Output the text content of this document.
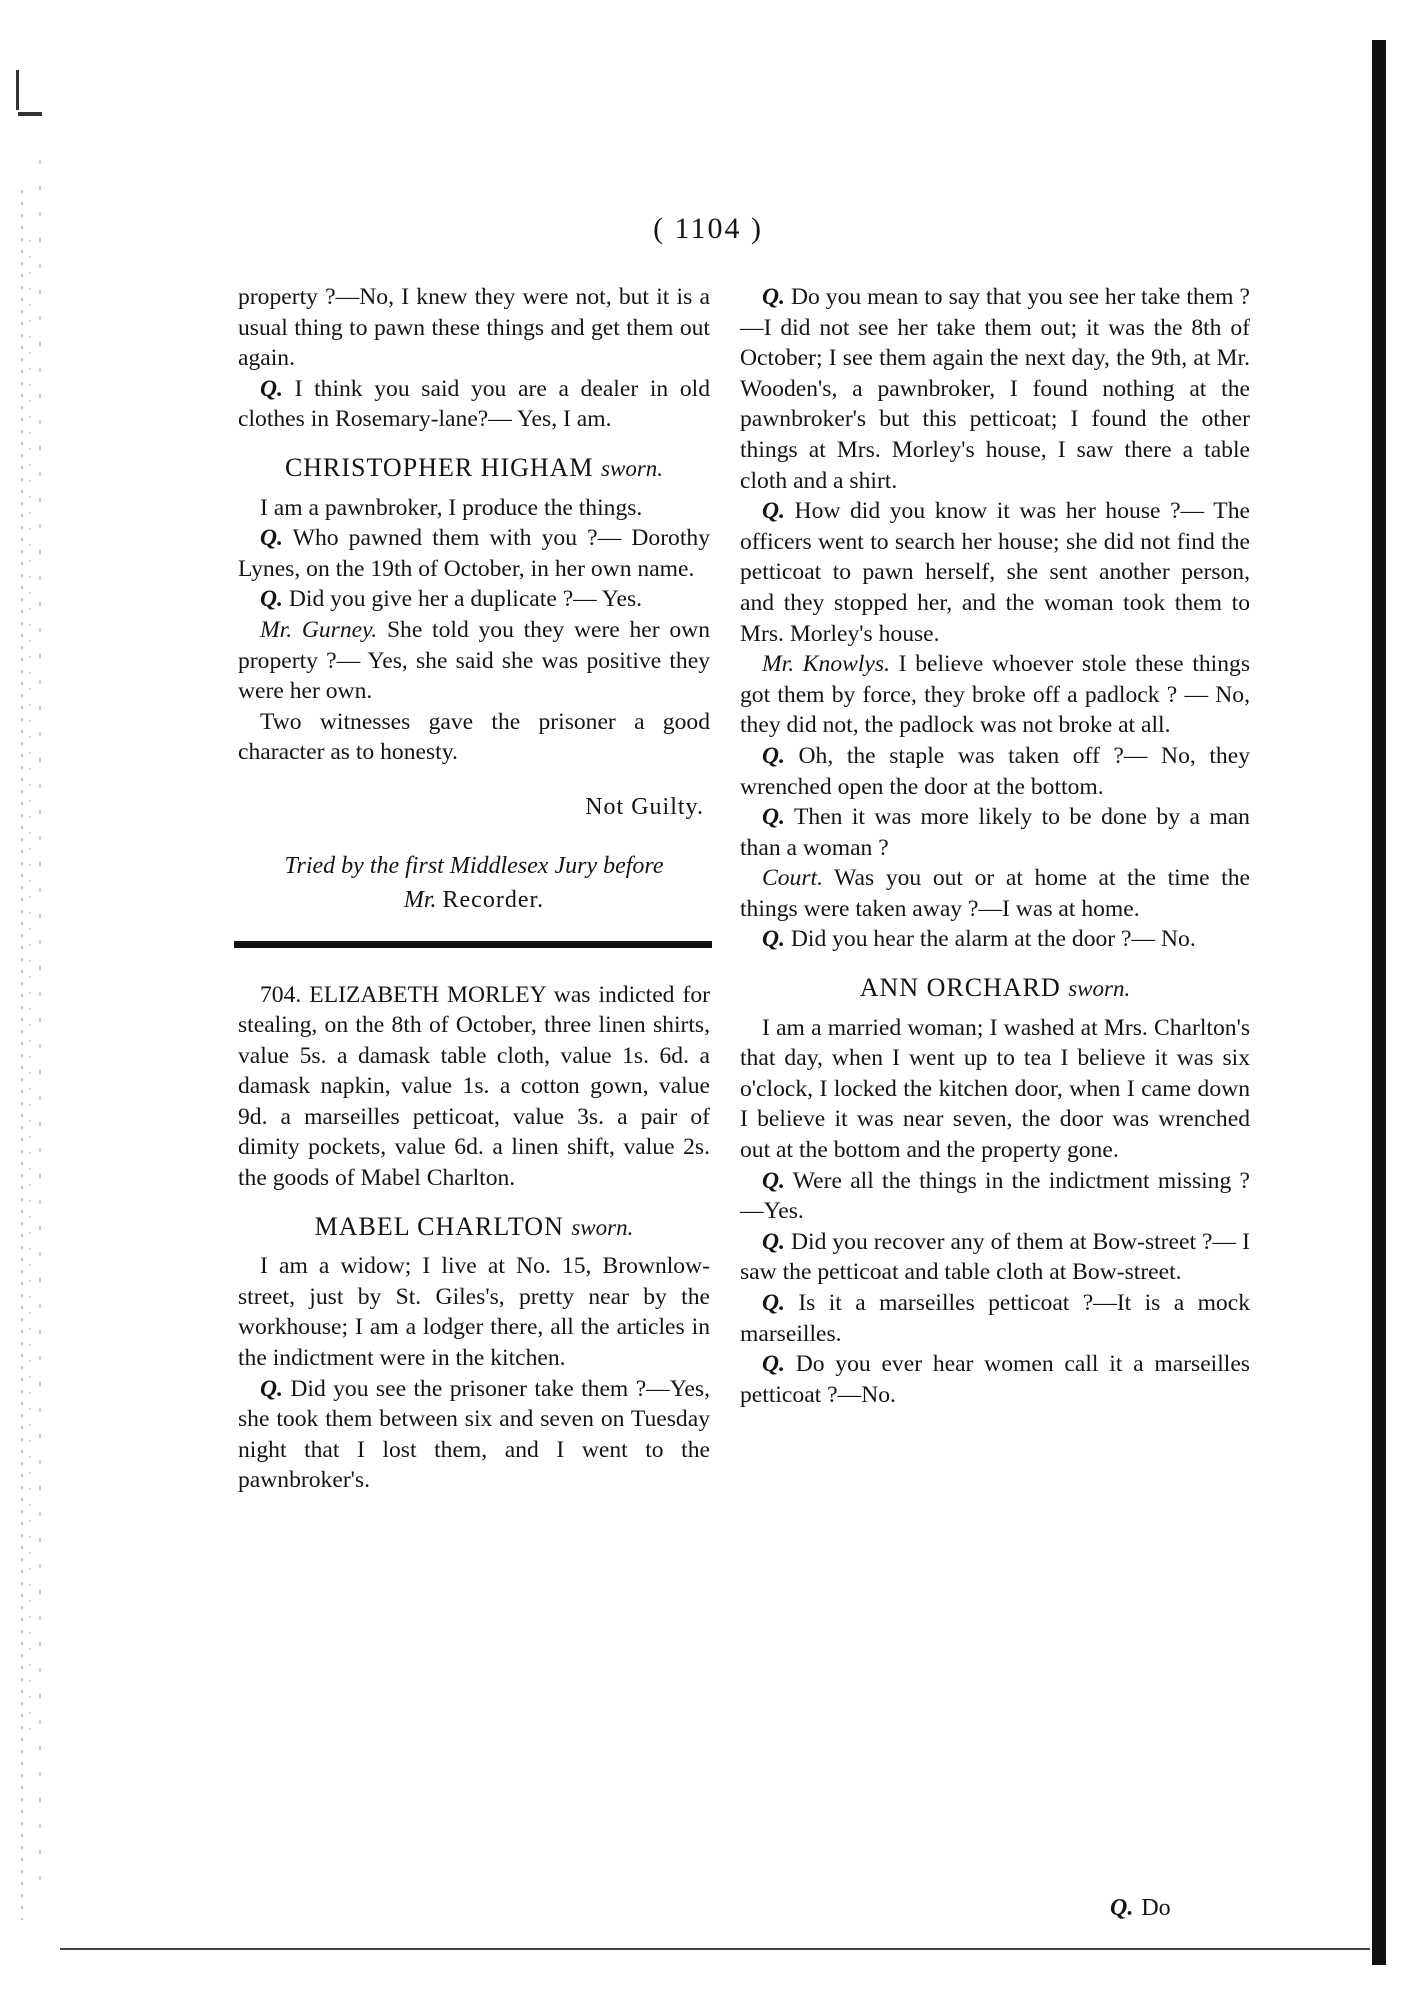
( 1104 )

property ?—No, I knew they were not, but it is a usual thing to pawn these things and get them out again.

Q. I think you said you are a dealer in old clothes in Rosemary-lane?— Yes, I am.

CHRISTOPHER HIGHAM sworn.

I am a pawnbroker, I produce the things.

Q. Who pawned them with you ?— Dorothy Lynes, on the 19th of October, in her own name.

Q. Did you give her a duplicate ?— Yes.

Mr. Gurney. She told you they were her own property ?— Yes, she said she was positive they were her own.

Two witnesses gave the prisoner a good character as to honesty.

Not Guilty.
Tried by the first Middlesex Jury before
Mr. Recorder.

704. ELIZABETH MORLEY was indicted for stealing, on the 8th of October, three linen shirts, value 5s. a damask table cloth, value 1s. 6d. a damask napkin, value 1s. a cotton gown, value 9d. a marseilles petticoat, value 3s. a pair of dimity pockets, value 6d. a linen shift, value 2s. the goods of Mabel Charlton.

MABEL CHARLTON sworn.

I am a widow; I live at No. 15, Brownlow-street, just by St. Giles's, pretty near by the workhouse; I am a lodger there, all the articles in the indictment were in the kitchen.

Q. Did you see the prisoner take them ?—Yes, she took them between six and seven on Tuesday night that I lost them, and I went to the pawnbroker's.

Q. Do you mean to say that you see her take them ?—I did not see her take them out; it was the 8th of October; I see them again the next day, the 9th, at Mr. Wooden's, a pawnbroker, I found nothing at the pawnbroker's but this petticoat; I found the other things at Mrs. Morley's house, I saw there a table cloth and a shirt.

Q. How did you know it was her house ?— The officers went to search her house; she did not find the petticoat to pawn herself, she sent another person, and they stopped her, and the woman took them to Mrs. Morley's house.

Mr. Knowlys. I believe whoever stole these things got them by force, they broke off a padlock ? — No, they did not, the padlock was not broke at all.

Q. Oh, the staple was taken off ?— No, they wrenched open the door at the bottom.

Q. Then it was more likely to be done by a man than a woman ?

Court. Was you out or at home at the time the things were taken away ?—I was at home.

Q. Did you hear the alarm at the door ?— No.

ANN ORCHARD sworn.

I am a married woman; I washed at Mrs. Charlton's that day, when I went up to tea I believe it was six o'clock, I locked the kitchen door, when I came down I believe it was near seven, the door was wrenched out at the bottom and the property gone.

Q. Were all the things in the indictment missing ?—Yes.

Q. Did you recover any of them at Bow-street ?— I saw the petticoat and table cloth at Bow-street.

Q. Is it a marseilles petticoat ?—It is a mock marseilles.

Q. Do you ever hear women call it a marseilles petticoat ?—No.

Q. Do
